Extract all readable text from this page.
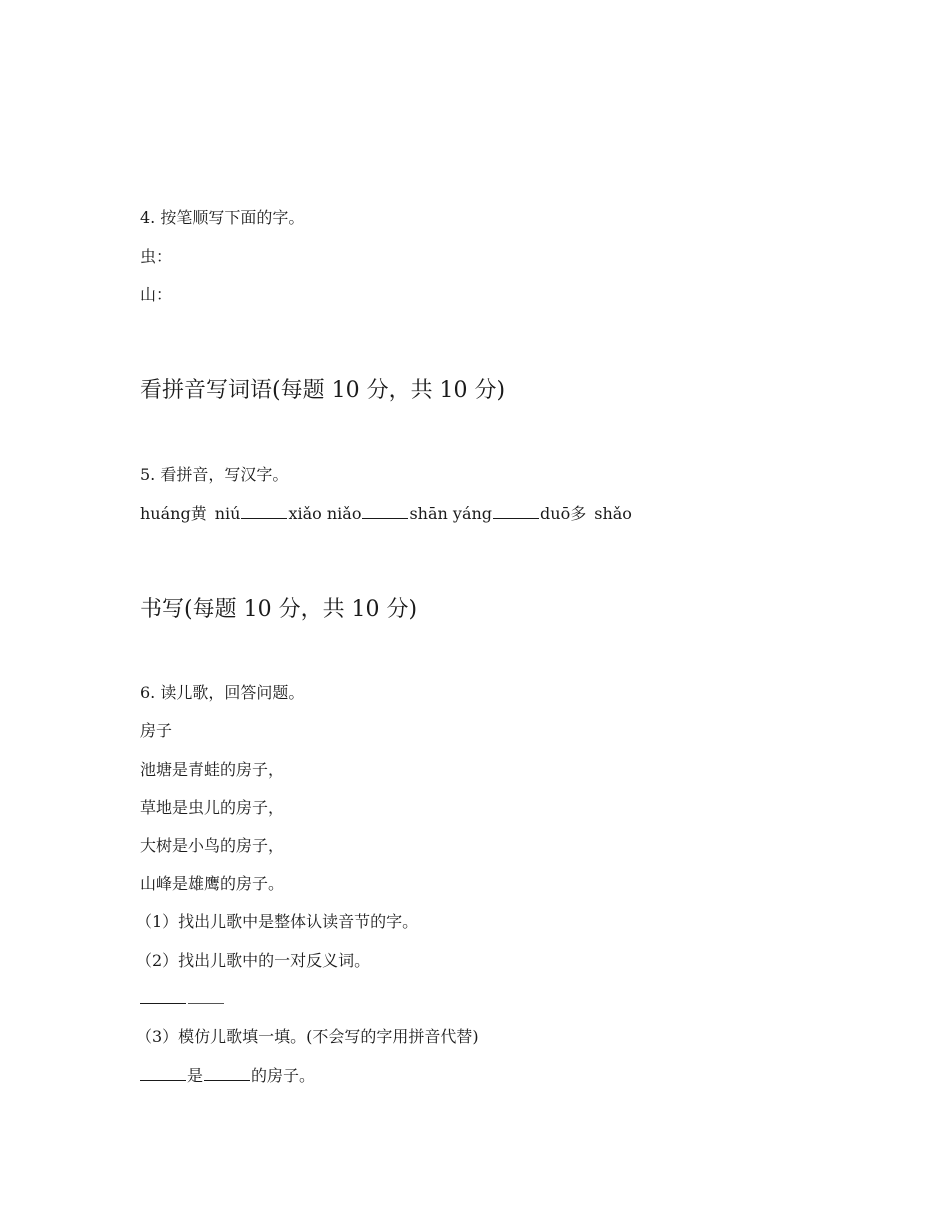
4. 按笔顺写下面的字。
虫：
山：
看拼音写词语(每题 10 分，共 10 分)
5. 看拼音，写汉字。
huáng黄 niú	xiǎo niǎo	shān yáng	duō多 shǎo
书写(每题 10 分，共 10 分)
6. 读儿歌，回答问题。
房子
池塘是青蛙的房子，
草地是虫儿的房子，
大树是小鸟的房子，
山峰是雄鹰的房子。
（1）找出儿歌中是整体认读音节的字。
（2）找出儿歌中的一对反义词。
（3）模仿儿歌填一填。(不会写的字用拼音代替)
是	的房子。
